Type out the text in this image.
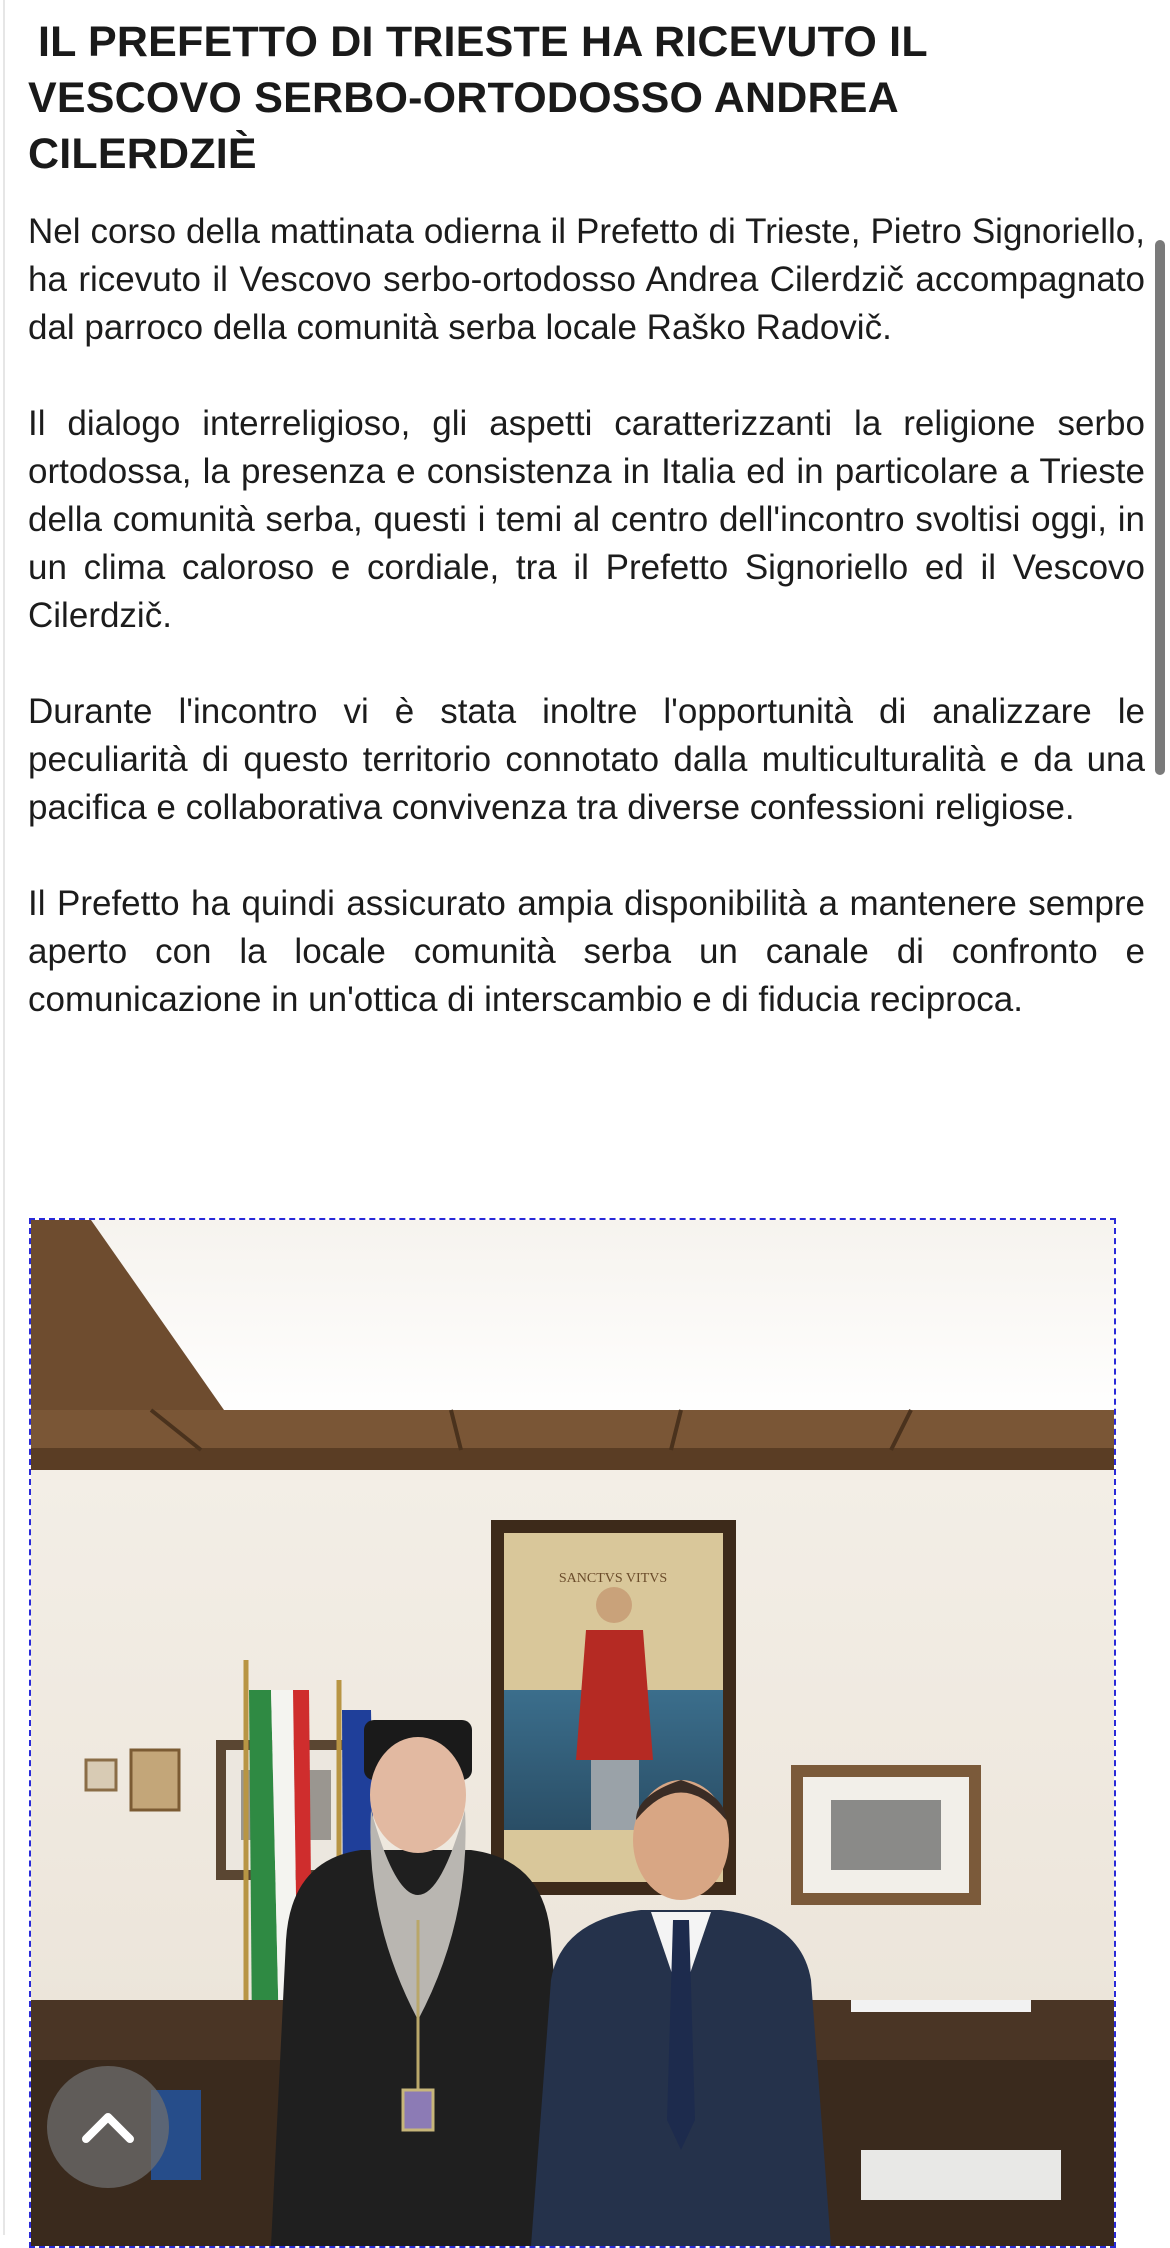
IL PREFETTO DI TRIESTE HA RICEVUTO IL
VESCOVO SERBO-ORTODOSSO ANDREA
CILERDZIÈ

Nel corso della mattinata odierna il Prefetto di Trieste, Pietro Signoriello, ha ricevuto il Vescovo serbo-ortodosso Andrea Cilerdzič accompagnato dal parroco della comunità serba locale Raško Radovič.

Il dialogo interreligioso, gli aspetti caratterizzanti la religione serbo ortodossa, la presenza e consistenza in Italia ed in particolare a Trieste della comunità serba, questi i temi al centro dell'incontro svoltisi oggi, in un clima caloroso e cordiale, tra il Prefetto Signoriello ed il Vescovo Cilerdzič.

Durante l'incontro vi è stata inoltre l'opportunità di analizzare le peculiarità di questo territorio connotato dalla multiculturalità e da una pacifica e collaborativa convivenza tra diverse confessioni religiose.

Il Prefetto ha quindi assicurato ampia disponibilità a mantenere sempre aperto con la locale comunità serba un canale di confronto e comunicazione in un'ottica di interscambio e di fiducia reciproca.

SANCTVS VITVS
